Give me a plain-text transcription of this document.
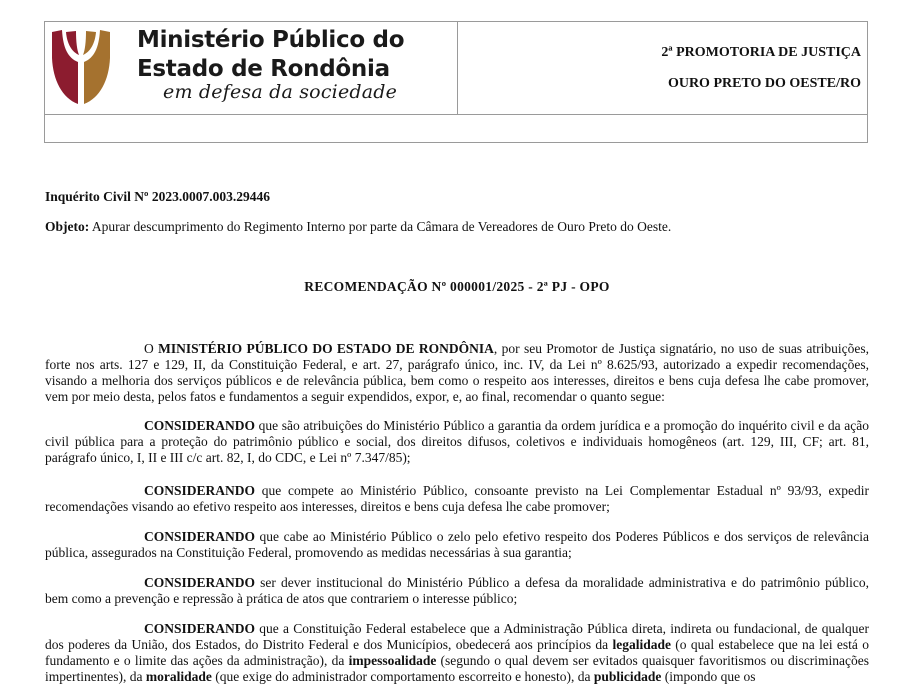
Ministério Público do
Estado de Rondônia
em defesa da sociedade
2ª PROMOTORIA DE JUSTIÇA
OURO PRETO DO OESTE/RO
Inquérito Civil Nº 2023.0007.003.29446
Objeto: Apurar descumprimento do Regimento Interno por parte da Câmara de Vereadores de Ouro Preto do Oeste.
RECOMENDAÇÃO Nº 000001/2025 - 2ª PJ - OPO

O MINISTÉRIO PÚBLICO DO ESTADO DE RONDÔNIA, por seu Promotor de Justiça signatário, no uso de suas atribuições, forte nos arts. 127 e 129, II, da Constituição Federal, e art. 27, parágrafo único, inc. IV, da Lei nº 8.625/93, autorizado a expedir recomendações, visando a melhoria dos serviços públicos e de relevância pública, bem como o respeito aos interesses, direitos e bens cuja defesa lhe cabe promover, vem por meio desta, pelos fatos e fundamentos a seguir expendidos, expor, e, ao final, recomendar o quanto segue:

CONSIDERANDO que são atribuições do Ministério Público a garantia da ordem jurídica e a promoção do inquérito civil e da ação civil pública para a proteção do patrimônio público e social, dos direitos difusos, coletivos e individuais homogêneos (art. 129, III, CF; art. 81, parágrafo único, I, II e III c/c art. 82, I, do CDC, e Lei nº 7.347/85);

CONSIDERANDO que compete ao Ministério Público, consoante previsto na Lei Complementar Estadual nº 93/93, expedir recomendações visando ao efetivo respeito aos interesses, direitos e bens cuja defesa lhe cabe promover;

CONSIDERANDO que cabe ao Ministério Público o zelo pelo efetivo respeito dos Poderes Públicos e dos serviços de relevância pública, assegurados na Constituição Federal, promovendo as medidas necessárias à sua garantia;

CONSIDERANDO ser dever institucional do Ministério Público a defesa da moralidade administrativa e do patrimônio público, bem como a prevenção e repressão à prática de atos que contrariem o interesse público;

CONSIDERANDO que a Constituição Federal estabelece que a Administração Pública direta, indireta ou fundacional, de qualquer dos poderes da União, dos Estados, do Distrito Federal e dos Municípios, obedecerá aos princípios da legalidade (o qual estabelece que na lei está o fundamento e o limite das ações da administração), da impessoalidade (segundo o qual devem ser evitados quaisquer favoritismos ou discriminações impertinentes), da moralidade (que exige do administrador comportamento escorreito e honesto), da publicidade (impondo que os
